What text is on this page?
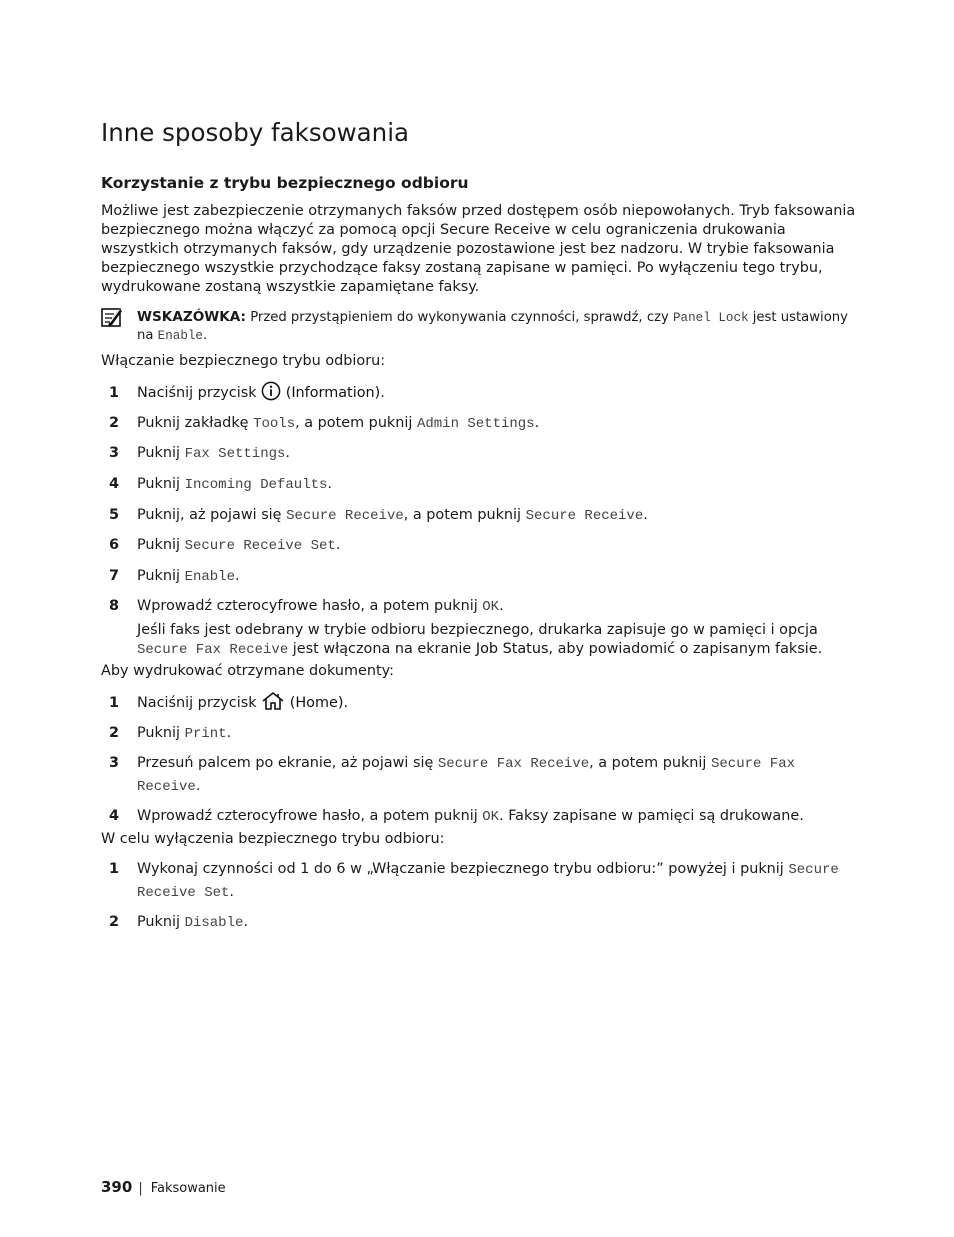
Inne sposoby faksowania
Korzystanie z trybu bezpiecznego odbioru
Możliwe jest zabezpieczenie otrzymanych faksów przed dostępem osób niepowołanych. Tryb faksowania
bezpiecznego można włączyć za pomocą opcji Secure Receive w celu ograniczenia drukowania
wszystkich otrzymanych faksów, gdy urządzenie pozostawione jest bez nadzoru. W trybie faksowania
bezpiecznego wszystkie przychodzące faksy zostaną zapisane w pamięci. Po wyłączeniu tego trybu,
wydrukowane zostaną wszystkie zapamiętane faksy.
WSKAZÓWKA: Przed przystąpieniem do wykonywania czynności, sprawdź, czy Panel Lock jest ustawiony
na Enable.
Włączanie bezpiecznego trybu odbioru:
1 Naciśnij przycisk  (Information).
2 Puknij zakładkę Tools, a potem puknij Admin Settings.
3 Puknij Fax Settings.
4 Puknij Incoming Defaults.
5 Puknij, aż pojawi się Secure Receive, a potem puknij Secure Receive.
6 Puknij Secure Receive Set.
7 Puknij Enable.
8 Wprowadź czterocyfrowe hasło, a potem puknij OK.
Jeśli faks jest odebrany w trybie odbioru bezpiecznego, drukarka zapisuje go w pamięci i opcja
Secure Fax Receive jest włączona na ekranie Job Status, aby powiadomić o zapisanym faksie.
Aby wydrukować otrzymane dokumenty:
1 Naciśnij przycisk  (Home).
2 Puknij Print.
3 Przesuń palcem po ekranie, aż pojawi się Secure Fax Receive, a potem puknij Secure Fax
Receive.
4 Wprowadź czterocyfrowe hasło, a potem puknij OK. Faksy zapisane w pamięci są drukowane.
W celu wyłączenia bezpiecznego trybu odbioru:
1 Wykonaj czynności od 1 do 6 w „Włączanie bezpiecznego trybu odbioru:” powyżej i puknij Secure
Receive Set.
2 Puknij Disable.
390 | Faksowanie
